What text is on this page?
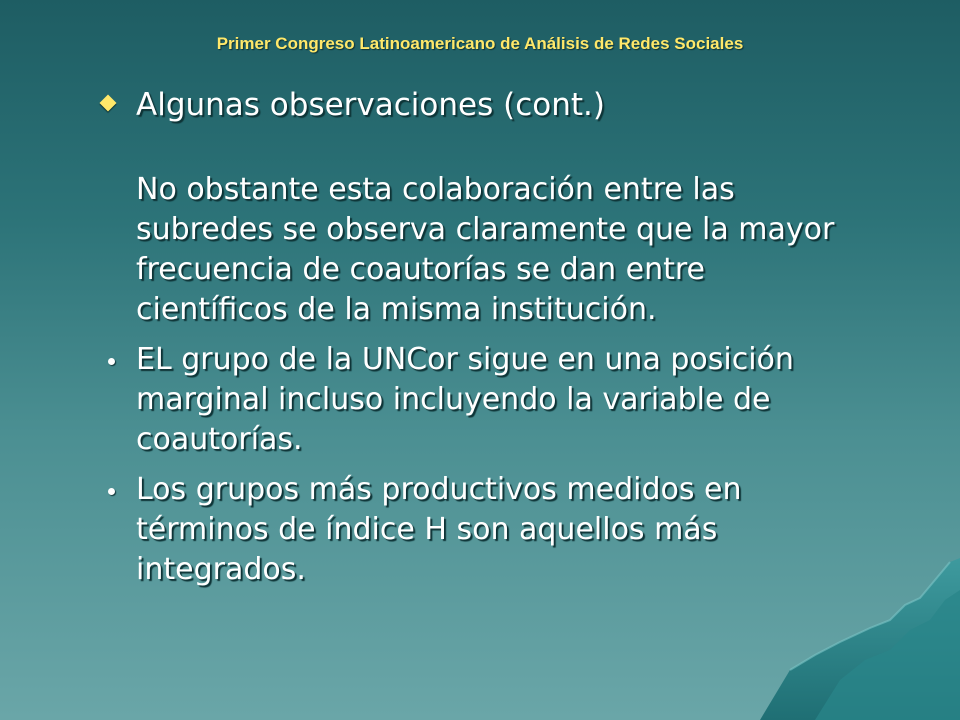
Primer Congreso Latinoamericano de Análisis de Redes Sociales
Algunas observaciones (cont.)
No obstante esta colaboración entre las subredes se observa claramente que la mayor frecuencia de coautorías se dan entre científicos de la misma institución.
EL grupo de la UNCor sigue en una posición marginal incluso incluyendo la variable de coautorías.
Los grupos más productivos medidos en términos de índice H son aquellos más integrados.
